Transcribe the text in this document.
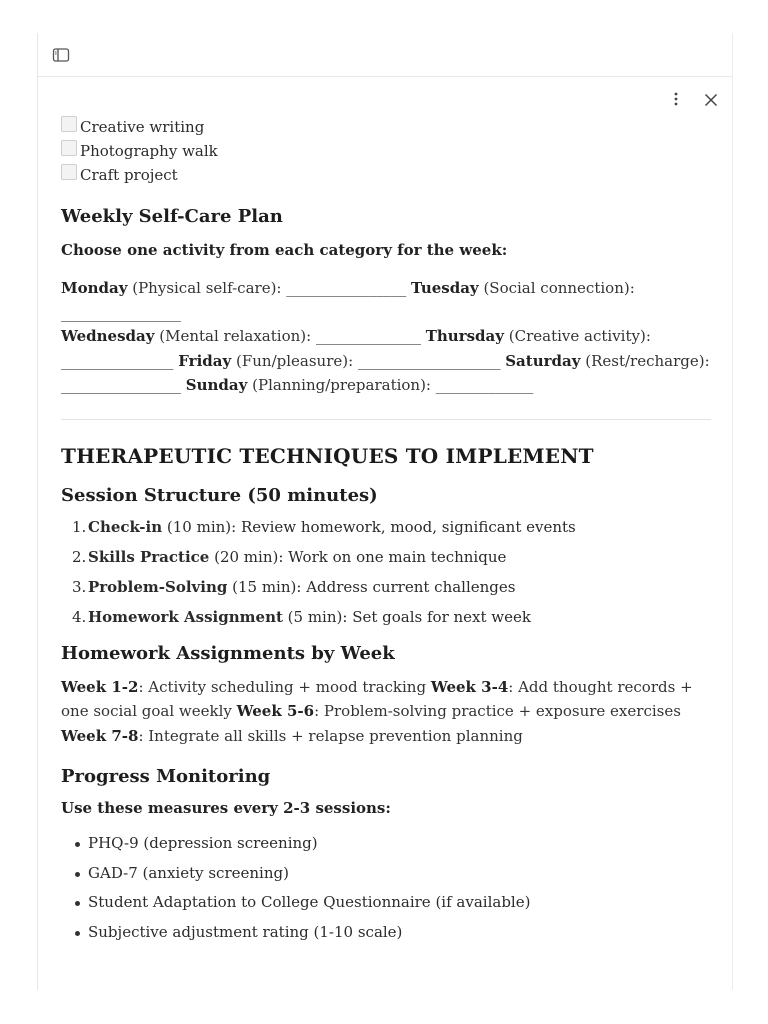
Creative writing
Photography walk
Craft project
Weekly Self-Care Plan
Choose one activity from each category for the week:
Monday (Physical self-care): ________________ Tuesday (Social connection):
________________
Wednesday (Mental relaxation): ______________ Thursday (Creative activity):
_______________ Friday (Fun/pleasure): ___________________ Saturday (Rest/recharge):
________________ Sunday (Planning/preparation): _____________
THERAPEUTIC TECHNIQUES TO IMPLEMENT
Session Structure (50 minutes)
1. Check-in (10 min): Review homework, mood, significant events
2. Skills Practice (20 min): Work on one main technique
3. Problem-Solving (15 min): Address current challenges
4. Homework Assignment (5 min): Set goals for next week
Homework Assignments by Week
Week 1-2: Activity scheduling + mood tracking Week 3-4: Add thought records + one social goal weekly Week 5-6: Problem-solving practice + exposure exercises Week 7-8: Integrate all skills + relapse prevention planning
Progress Monitoring
Use these measures every 2-3 sessions:
PHQ-9 (depression screening)
GAD-7 (anxiety screening)
Student Adaptation to College Questionnaire (if available)
Subjective adjustment rating (1-10 scale)
